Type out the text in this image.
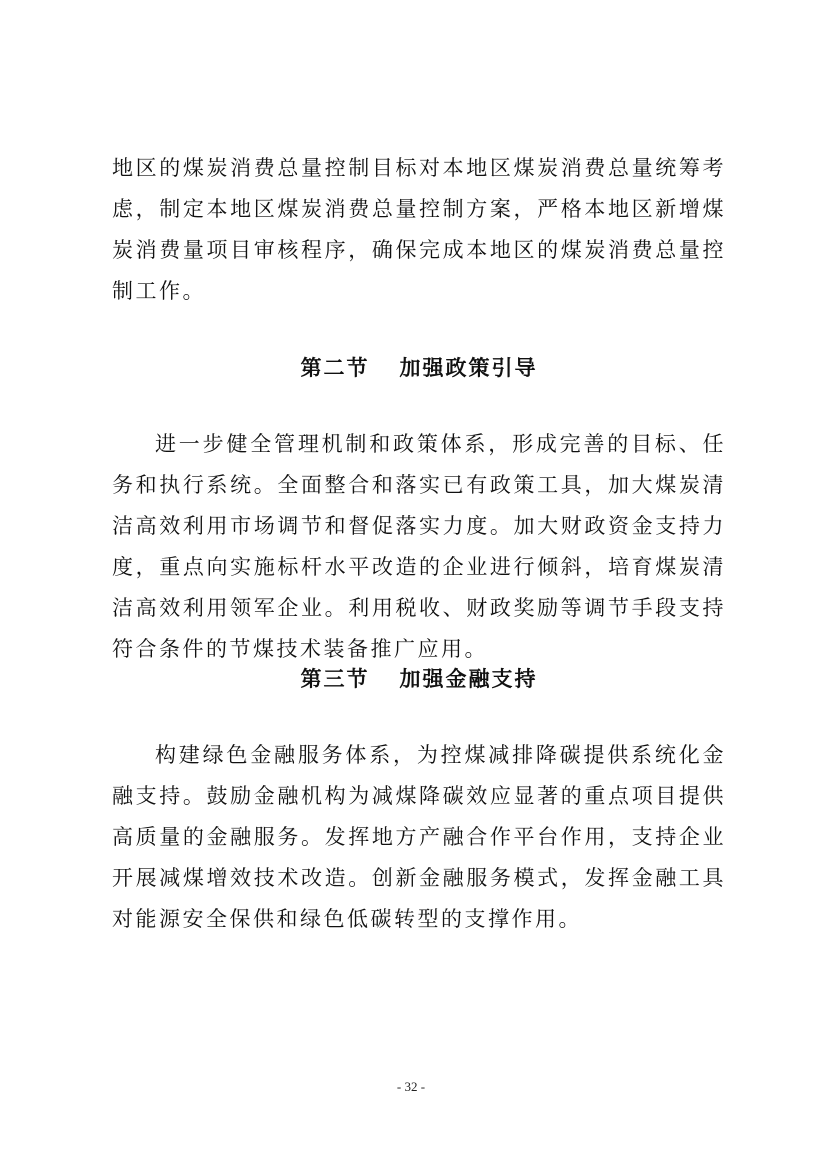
地区的煤炭消费总量控制目标对本地区煤炭消费总量统筹考虑，制定本地区煤炭消费总量控制方案，严格本地区新增煤炭消费量项目审核程序，确保完成本地区的煤炭消费总量控制工作。

第二节 加强政策引导

进一步健全管理机制和政策体系，形成完善的目标、任务和执行系统。全面整合和落实已有政策工具，加大煤炭清洁高效利用市场调节和督促落实力度。加大财政资金支持力度，重点向实施标杆水平改造的企业进行倾斜，培育煤炭清洁高效利用领军企业。利用税收、财政奖励等调节手段支持符合条件的节煤技术装备推广应用。

第三节 加强金融支持

构建绿色金融服务体系，为控煤减排降碳提供系统化金融支持。鼓励金融机构为减煤降碳效应显著的重点项目提供高质量的金融服务。发挥地方产融合作平台作用，支持企业开展减煤增效技术改造。创新金融服务模式，发挥金融工具对能源安全保供和绿色低碳转型的支撑作用。

- 32 -
